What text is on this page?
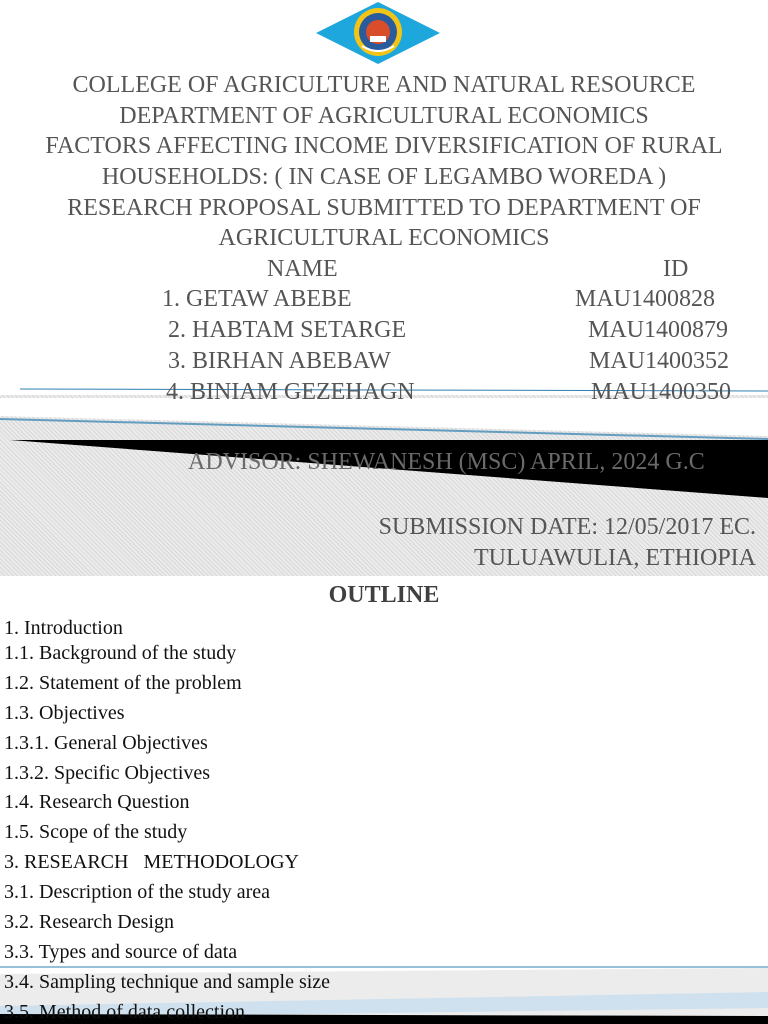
COLLEGE OF AGRICULTURE AND NATURAL RESOURCE
DEPARTMENT OF AGRICULTURAL ECONOMICS
FACTORS AFFECTING INCOME DIVERSIFICATION OF RURAL
HOUSEHOLDS: ( IN CASE OF LEGAMBO WOREDA )
RESEARCH PROPOSAL SUBMITTED TO DEPARTMENT OF
AGRICULTURAL ECONOMICS
NAME	ID
1. GETAW ABEBE	MAU1400828
2. HABTAM SETARGE	MAU1400879
3. BIRHAN ABEBAW	MAU1400352
4. BINIAM GEZEHAGN	MAU1400350
ADVISOR: SHEWANESH (MSC) APRIL, 2024 G.C
SUBMISSION DATE: 12/05/2017 EC.
TULUAWULIA, ETHIOPIA
OUTLINE
1. Introduction
1.1. Background of the study
1.2. Statement of the problem
1.3. Objectives
1.3.1. General Objectives
1.3.2. Specific Objectives
1.4. Research Question
1.5. Scope of the study
3. RESEARCH   METHODOLOGY
3.1. Description of the study area
3.2. Research Design
3.3. Types and source of data
3.4. Sampling technique and sample size
3.5. Method of data collection
